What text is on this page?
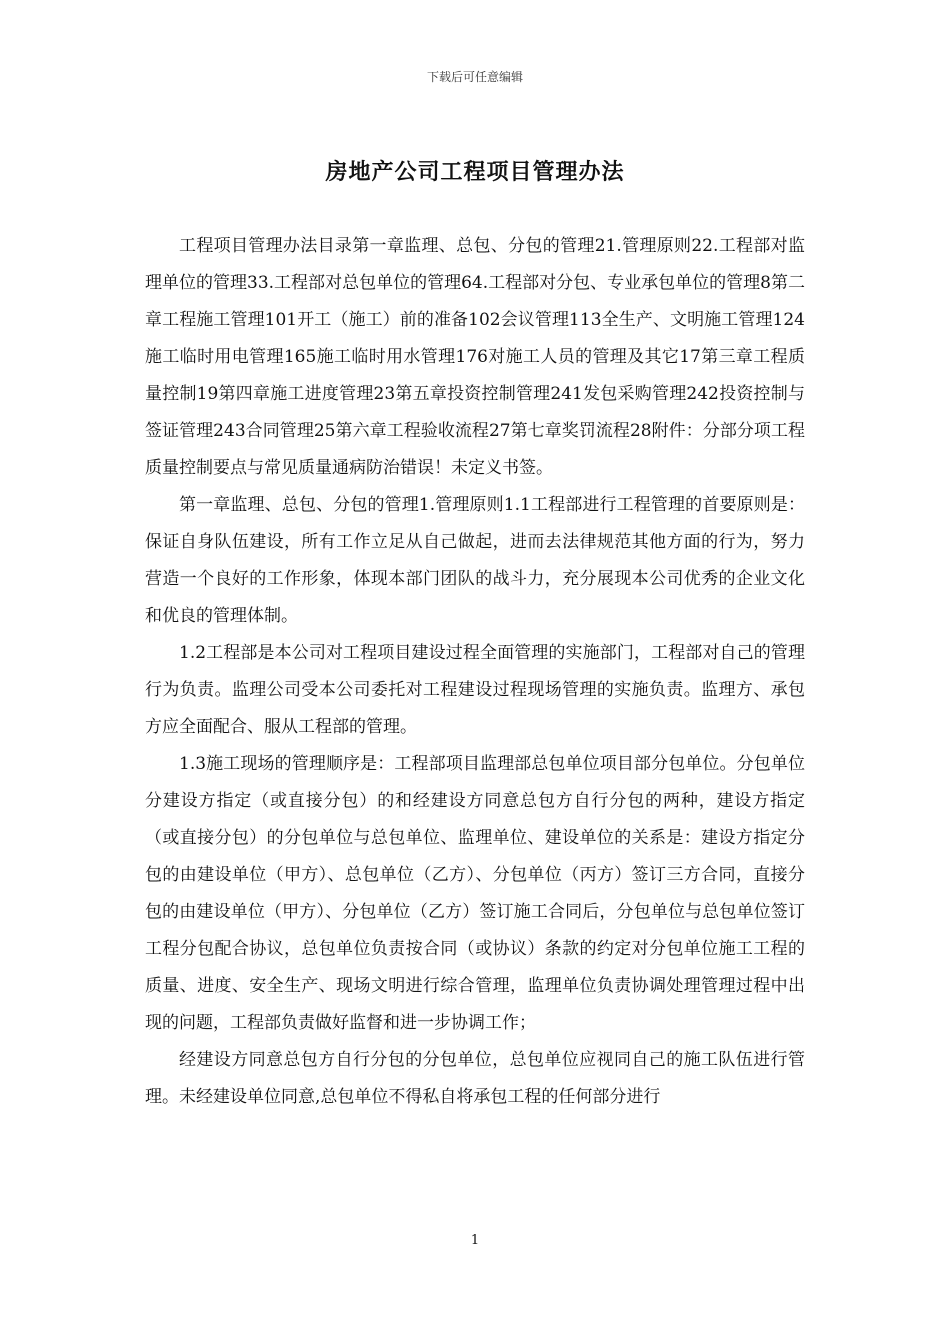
下载后可任意编辑
房地产公司工程项目管理办法

工程项目管理办法目录第一章监理、总包、分包的管理21.管理原则22.工程部对监理单位的管理33.工程部对总包单位的管理64.工程部对分包、专业承包单位的管理8第二章工程施工管理101开工（施工）前的准备102会议管理113全生产、文明施工管理124施工临时用电管理165施工临时用水管理176对施工人员的管理及其它17第三章工程质量控制19第四章施工进度管理23第五章投资控制管理241发包采购管理242投资控制与签证管理243合同管理25第六章工程验收流程27第七章奖罚流程28附件：分部分项工程质量控制要点与常见质量通病防治错误！未定义书签。

第一章监理、总包、分包的管理1.管理原则1.1工程部进行工程管理的首要原则是：保证自身队伍建设，所有工作立足从自己做起，进而去法律规范其他方面的行为，努力营造一个良好的工作形象，体现本部门团队的战斗力，充分展现本公司优秀的企业文化和优良的管理体制。

1.2工程部是本公司对工程项目建设过程全面管理的实施部门，工程部对自己的管理行为负责。监理公司受本公司委托对工程建设过程现场管理的实施负责。监理方、承包方应全面配合、服从工程部的管理。

1.3施工现场的管理顺序是：工程部项目监理部总包单位项目部分包单位。分包单位分建设方指定（或直接分包）的和经建设方同意总包方自行分包的两种，建设方指定（或直接分包）的分包单位与总包单位、监理单位、建设单位的关系是：建设方指定分包的由建设单位（甲方）、总包单位（乙方）、分包单位（丙方）签订三方合同，直接分包的由建设单位（甲方）、分包单位（乙方）签订施工合同后，分包单位与总包单位签订工程分包配合协议，总包单位负责按合同（或协议）条款的约定对分包单位施工工程的质量、进度、安全生产、现场文明进行综合管理，监理单位负责协调处理管理过程中出现的问题，工程部负责做好监督和进一步协调工作；

经建设方同意总包方自行分包的分包单位，总包单位应视同自己的施工队伍进行管理。未经建设单位同意,总包单位不得私自将承包工程的任何部分进行

1
